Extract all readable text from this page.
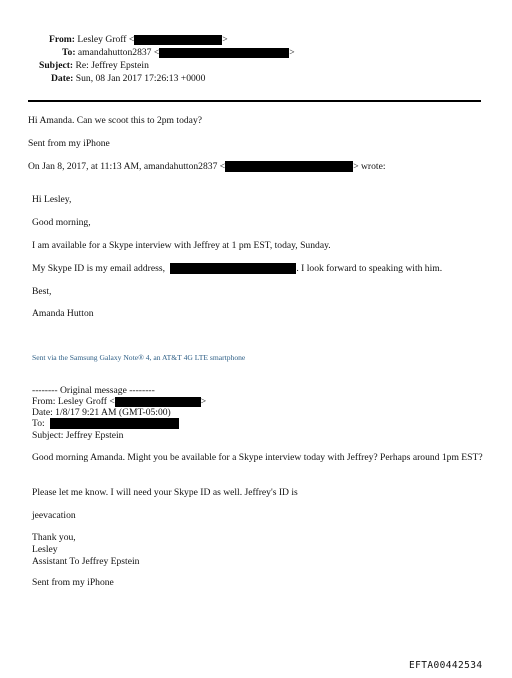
From: Lesley Groff <	>
To: amandahutton2837 <	>
Subject: Re: Jeffrey Epstein
Date: Sun, 08 Jan 2017 17:26:13 +0000
Hi Amanda. Can we scoot this to 2pm today?
Sent from my iPhone
On Jan 8, 2017, at 11:13 AM, amandahutton2837 <	> wrote:
Hi Lesley,
Good morning,
I am available for a Skype interview with Jeffrey at 1 pm EST, today, Sunday.
My Skype ID is my email address,	. I look forward to speaking with him.
Best,
Amanda Hutton
Sent via the Samsung Galaxy Note® 4, an AT&T 4G LTE smartphone
-------- Original message --------
From: Lesley Groff <	>
Date: 1/8/17 9:21 AM (GMT-05:00)
To:
Subject: Jeffrey Epstein
Good morning Amanda. Might you be available for a Skype interview today with Jeffrey? Perhaps around 1pm EST?
Please let me know. I will need your Skype ID as well. Jeffrey's ID is
jeevacation
Thank you,
Lesley
Assistant To Jeffrey Epstein
Sent from my iPhone
EFTA00442534
